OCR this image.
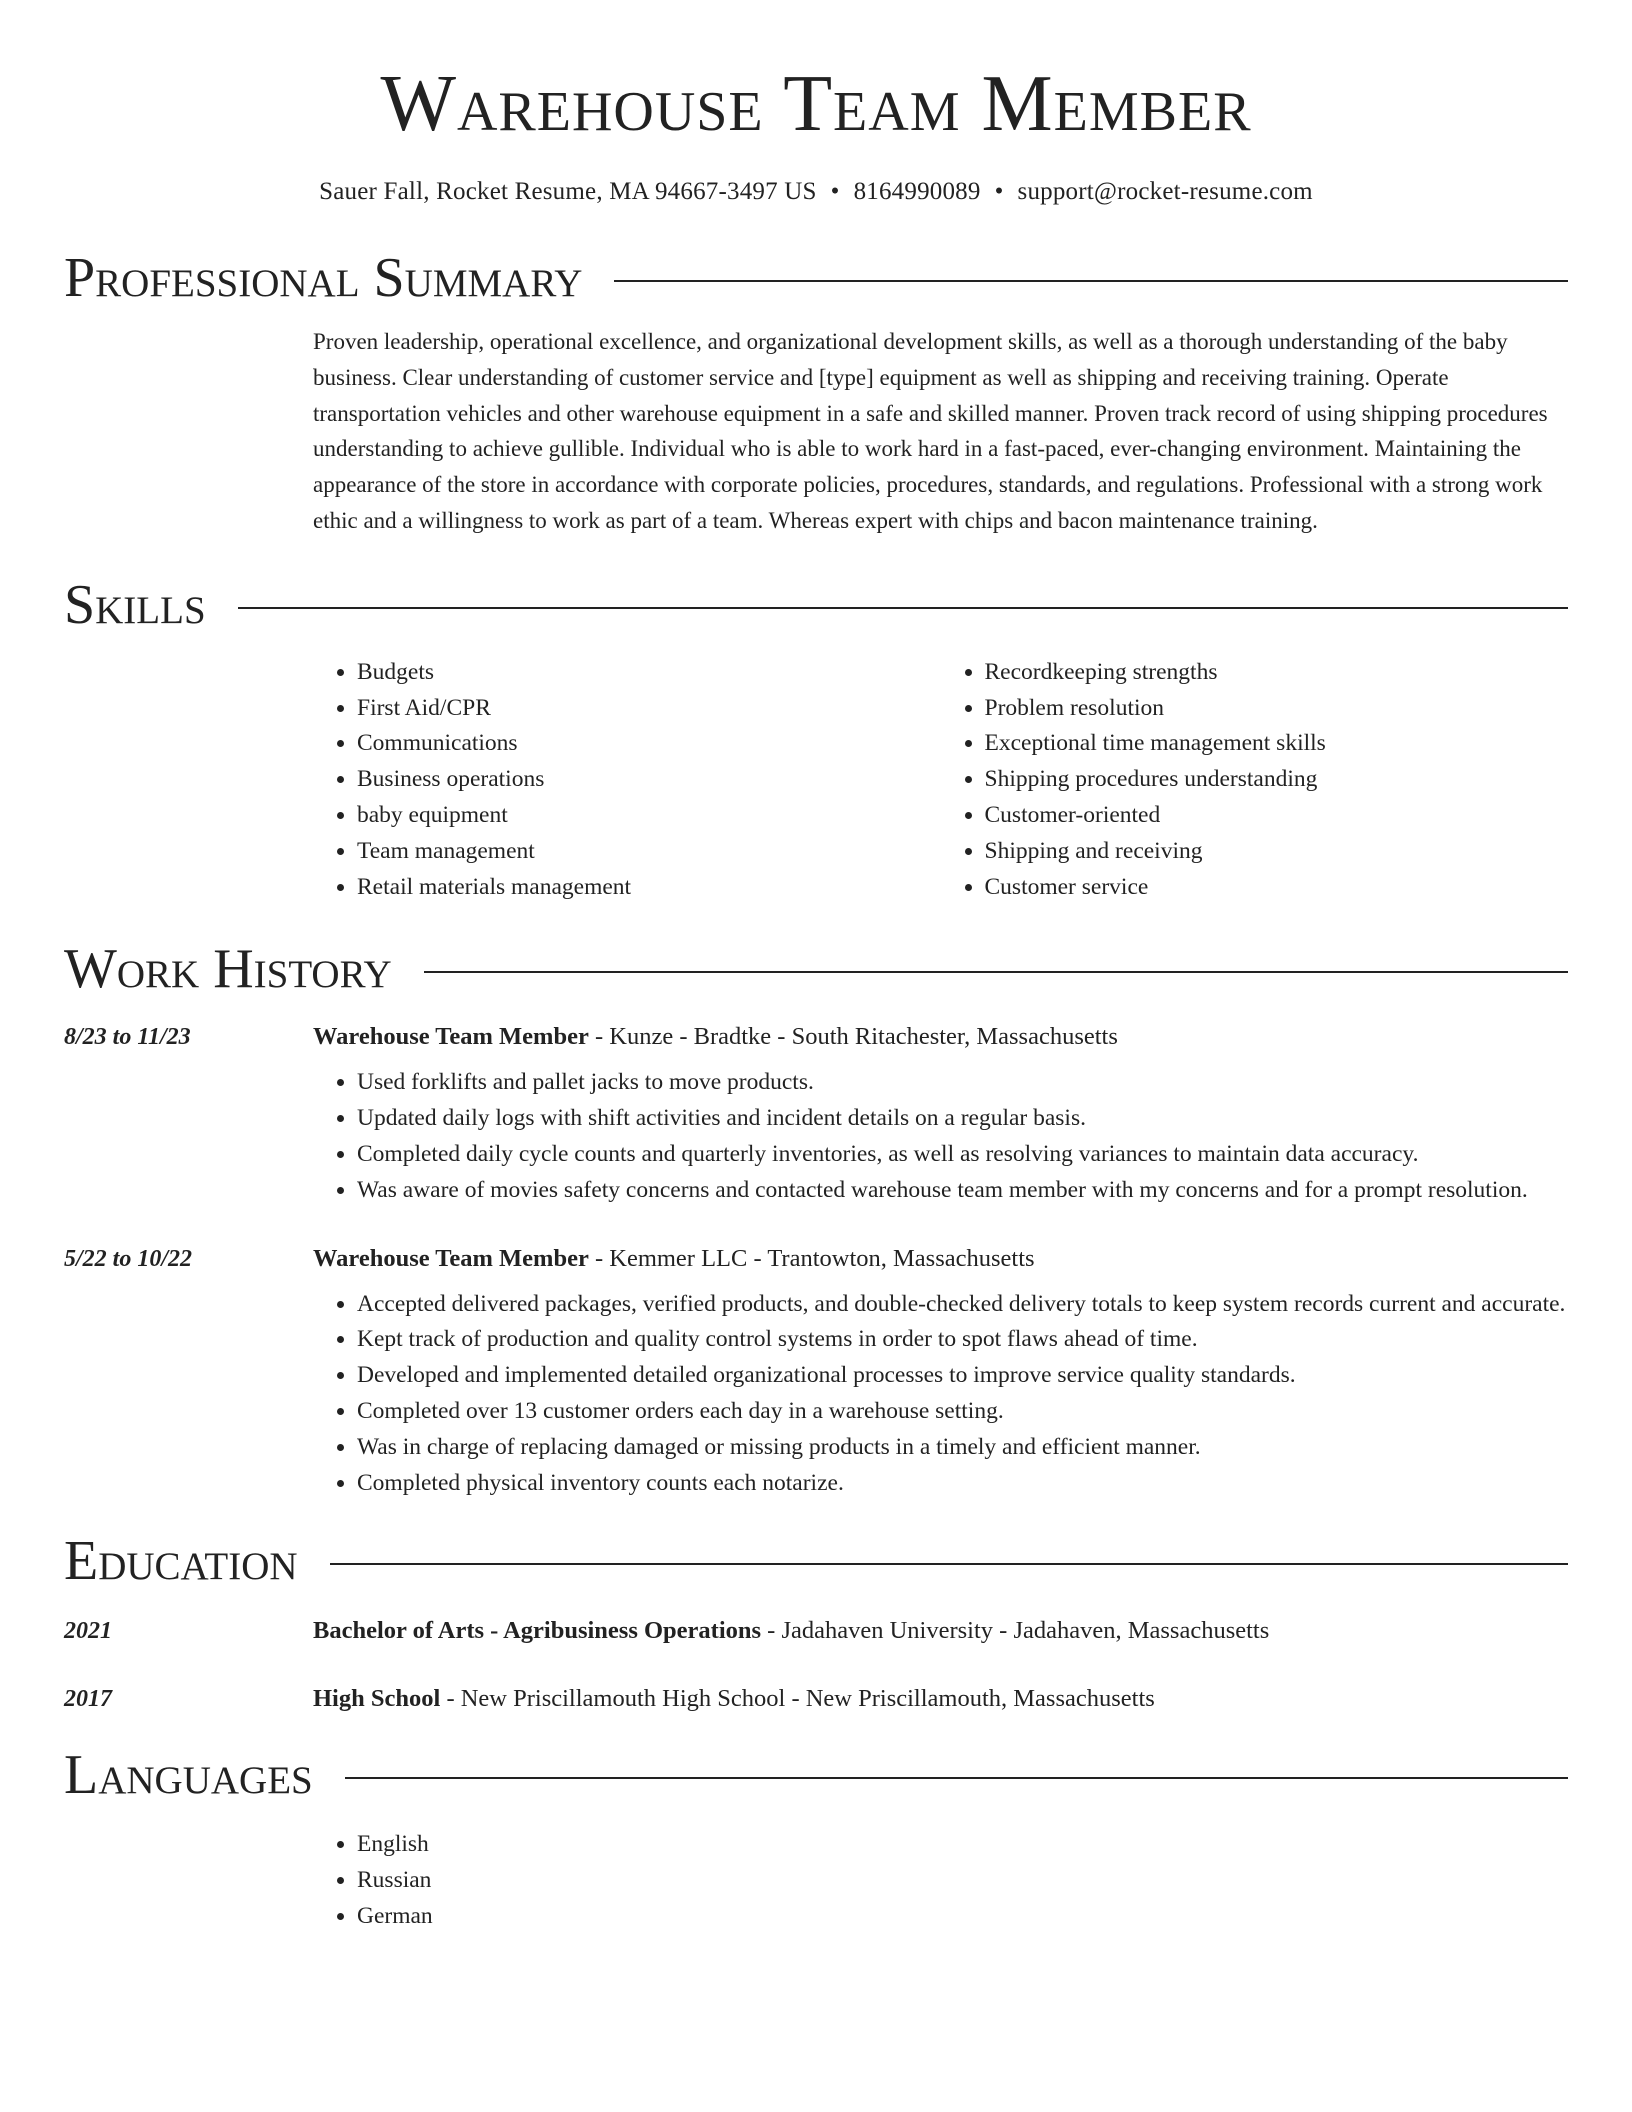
Warehouse Team Member
Sauer Fall, Rocket Resume, MA 94667-3497 US • 8164990089 • support@rocket-resume.com
Professional Summary
Proven leadership, operational excellence, and organizational development skills, as well as a thorough understanding of the baby business. Clear understanding of customer service and [type] equipment as well as shipping and receiving training. Operate transportation vehicles and other warehouse equipment in a safe and skilled manner. Proven track record of using shipping procedures understanding to achieve gullible. Individual who is able to work hard in a fast-paced, ever-changing environment. Maintaining the appearance of the store in accordance with corporate policies, procedures, standards, and regulations. Professional with a strong work ethic and a willingness to work as part of a team. Whereas expert with chips and bacon maintenance training.
Skills
• Budgets
• First Aid/CPR
• Communications
• Business operations
• baby equipment
• Team management
• Retail materials management
• Recordkeeping strengths
• Problem resolution
• Exceptional time management skills
• Shipping procedures understanding
• Customer-oriented
• Shipping and receiving
• Customer service
Work History
8/23 to 11/23	Warehouse Team Member - Kunze - Bradtke - South Ritachester, Massachusetts
• Used forklifts and pallet jacks to move products.
• Updated daily logs with shift activities and incident details on a regular basis.
• Completed daily cycle counts and quarterly inventories, as well as resolving variances to maintain data accuracy.
• Was aware of movies safety concerns and contacted warehouse team member with my concerns and for a prompt resolution.
5/22 to 10/22	Warehouse Team Member - Kemmer LLC - Trantowton, Massachusetts
• Accepted delivered packages, verified products, and double-checked delivery totals to keep system records current and accurate.
• Kept track of production and quality control systems in order to spot flaws ahead of time.
• Developed and implemented detailed organizational processes to improve service quality standards.
• Completed over 13 customer orders each day in a warehouse setting.
• Was in charge of replacing damaged or missing products in a timely and efficient manner.
• Completed physical inventory counts each notarize.
Education
2021	Bachelor of Arts - Agribusiness Operations - Jadahaven University - Jadahaven, Massachusetts
2017	High School - New Priscillamouth High School - New Priscillamouth, Massachusetts
Languages
• English
• Russian
• German
